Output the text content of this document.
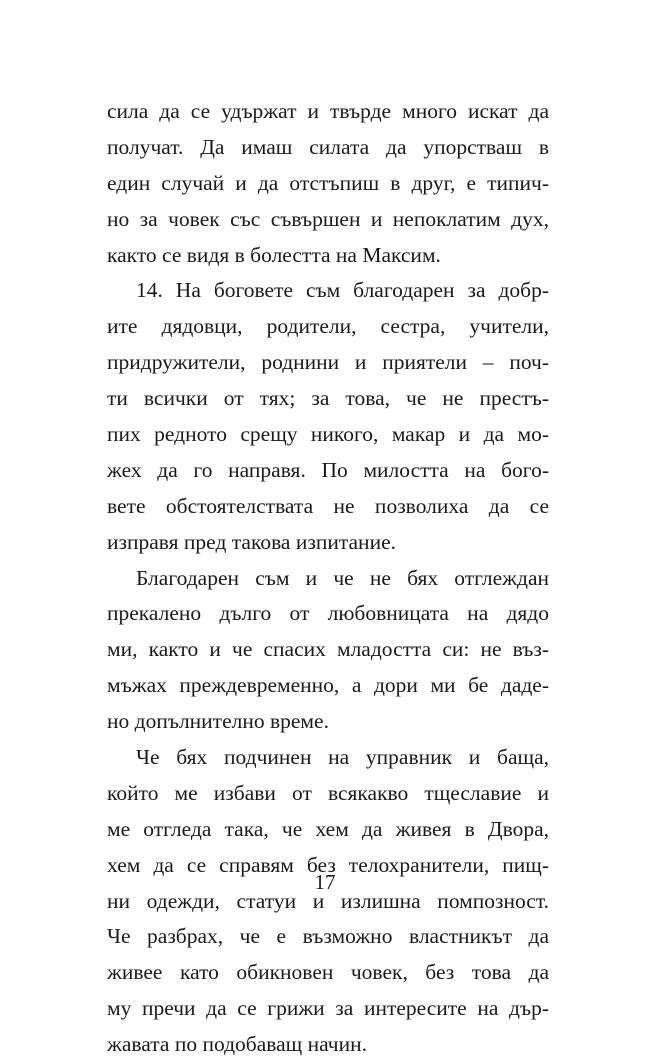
сила да се удържат и твърде много искат да
получат. Да имаш силата да упорстваш в
един случай и да отстъпиш в друг, е типич-
но за човек със съвършен и непоклатим дух,
както се видя в болестта на Максим.
14. На боговете съм благодарен за добр-
ите дядовци, родители, сестра, учители,
придружители, роднини и приятели – поч-
ти всички от тях; за това, че не престъ-
пих редното срещу никого, макар и да мо-
жех да го направя. По милостта на бого-
вете обстоятелствата не позволиха да се
изправя пред такова изпитание.
Благодарен съм и че не бях отглеждан
прекалено дълго от любовницата на дядо
ми, както и че спасих младостта си: не въз-
мъжах преждевременно, а дори ми бе даде-
но допълнително време.
Че бях подчинен на управник и баща,
който ме избави от всякакво тщеславие и
ме отгледа така, че хем да живея в Двора,
хем да се справям без телохранители, пищ-
ни одежди, статуи и излишна помпозност.
Че разбрах, че е възможно властникът да
живее като обикновен човек, без това да
му пречи да се грижи за интересите на дър-
жавата по подобаващ начин.
17
